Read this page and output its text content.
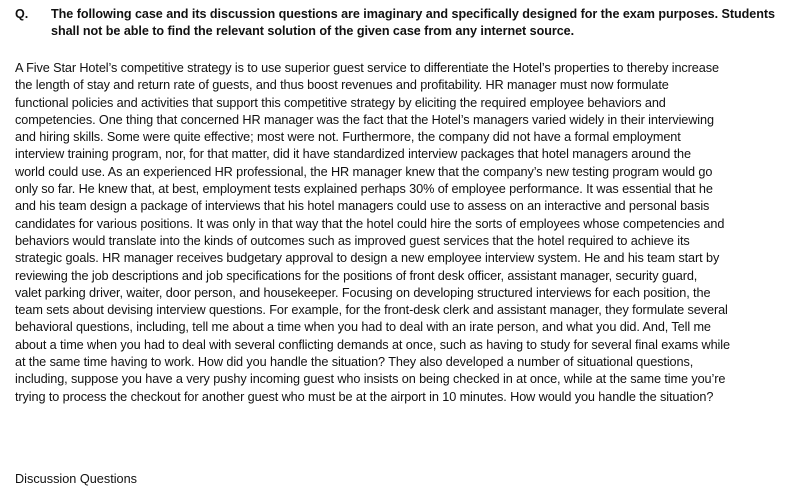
Q.	The following case and its discussion questions are imaginary and specifically designed for the exam purposes. Students
shall not be able to find the relevant solution of the given case from any internet source.
A Five Star Hotel’s competitive strategy is to use superior guest service to differentiate the Hotel’s properties to thereby increase
the length of stay and return rate of guests, and thus boost revenues and profitability. HR manager must now formulate
functional policies and activities that support this competitive strategy by eliciting the required employee behaviors and
competencies. One thing that concerned HR manager was the fact that the Hotel’s managers varied widely in their interviewing
and hiring skills. Some were quite effective; most were not. Furthermore, the company did not have a formal employment
interview training program, nor, for that matter, did it have standardized interview packages that hotel managers around the
world could use. As an experienced HR professional, the HR manager knew that the company’s new testing program would go
only so far. He knew that, at best, employment tests explained perhaps 30% of employee performance. It was essential that he
and his team design a package of interviews that his hotel managers could use to assess on an interactive and personal basis
candidates for various positions. It was only in that way that the hotel could hire the sorts of employees whose competencies and
behaviors would translate into the kinds of outcomes such as improved guest services that the hotel required to achieve its
strategic goals. HR manager receives budgetary approval to design a new employee interview system. He and his team start by
reviewing the job descriptions and job specifications for the positions of front desk officer, assistant manager, security guard,
valet parking driver, waiter, door person, and housekeeper. Focusing on developing structured interviews for each position, the
team sets about devising interview questions. For example, for the front-desk clerk and assistant manager, they formulate several
behavioral questions, including, tell me about a time when you had to deal with an irate person, and what you did. And, Tell me
about a time when you had to deal with several conflicting demands at once, such as having to study for several final exams while
at the same time having to work. How did you handle the situation? They also developed a number of situational questions,
including, suppose you have a very pushy incoming guest who insists on being checked in at once, while at the same time you’re
trying to process the checkout for another guest who must be at the airport in 10 minutes. How would you handle the situation?
Discussion Questions
